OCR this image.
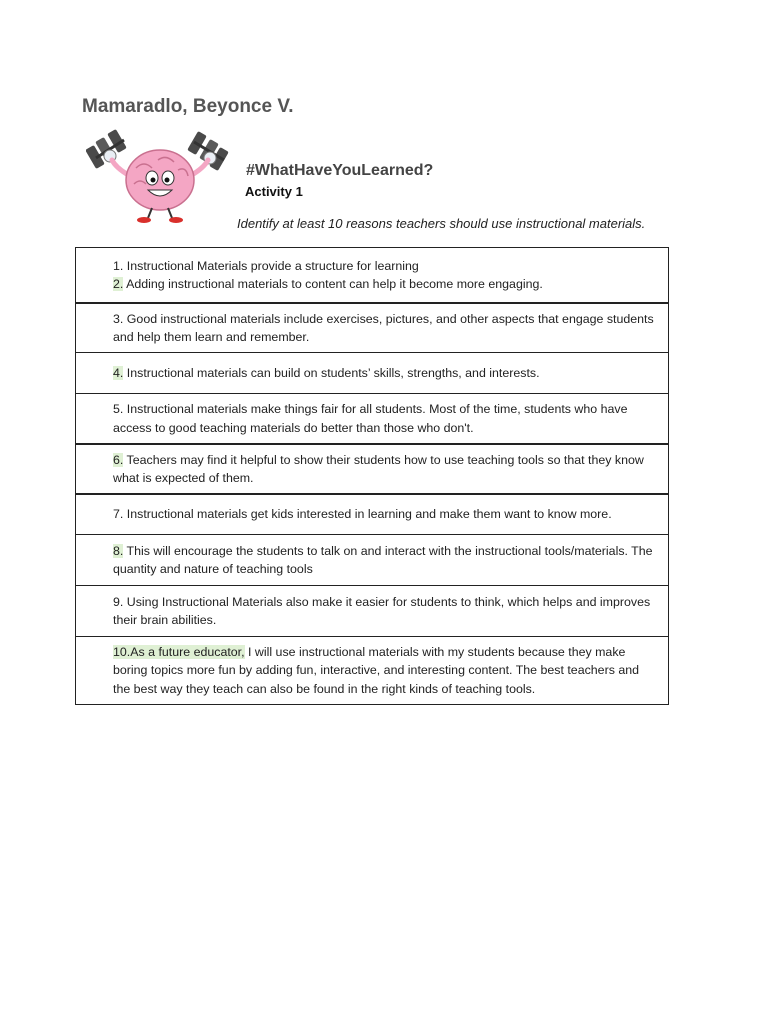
Mamaradlo, Beyonce V.
#WhatHaveYouLearned?
Activity 1
Identify at least 10 reasons teachers should use instructional materials.
1. Instructional Materials provide a structure for learning
2. Adding instructional materials to content can help it become more engaging.
3. Good instructional materials include exercises, pictures, and other aspects that engage students and help them learn and remember.
4. Instructional materials can build on students’ skills, strengths, and interests.
5. Instructional materials make things fair for all students. Most of the time, students who have access to good teaching materials do better than those who don't.
6. Teachers may find it helpful to show their students how to use teaching tools so that they know what is expected of them.
7. Instructional materials get kids interested in learning and make them want to know more.
8. This will encourage the students to talk on and interact with the instructional tools/materials. The quantity and nature of teaching tools
9. Using Instructional Materials also make it easier for students to think, which helps and improves their brain abilities.
10.As a future educator, I will use instructional materials with my students because they make boring topics more fun by adding fun, interactive, and interesting content. The best teachers and the best way they teach can also be found in the right kinds of teaching tools.
